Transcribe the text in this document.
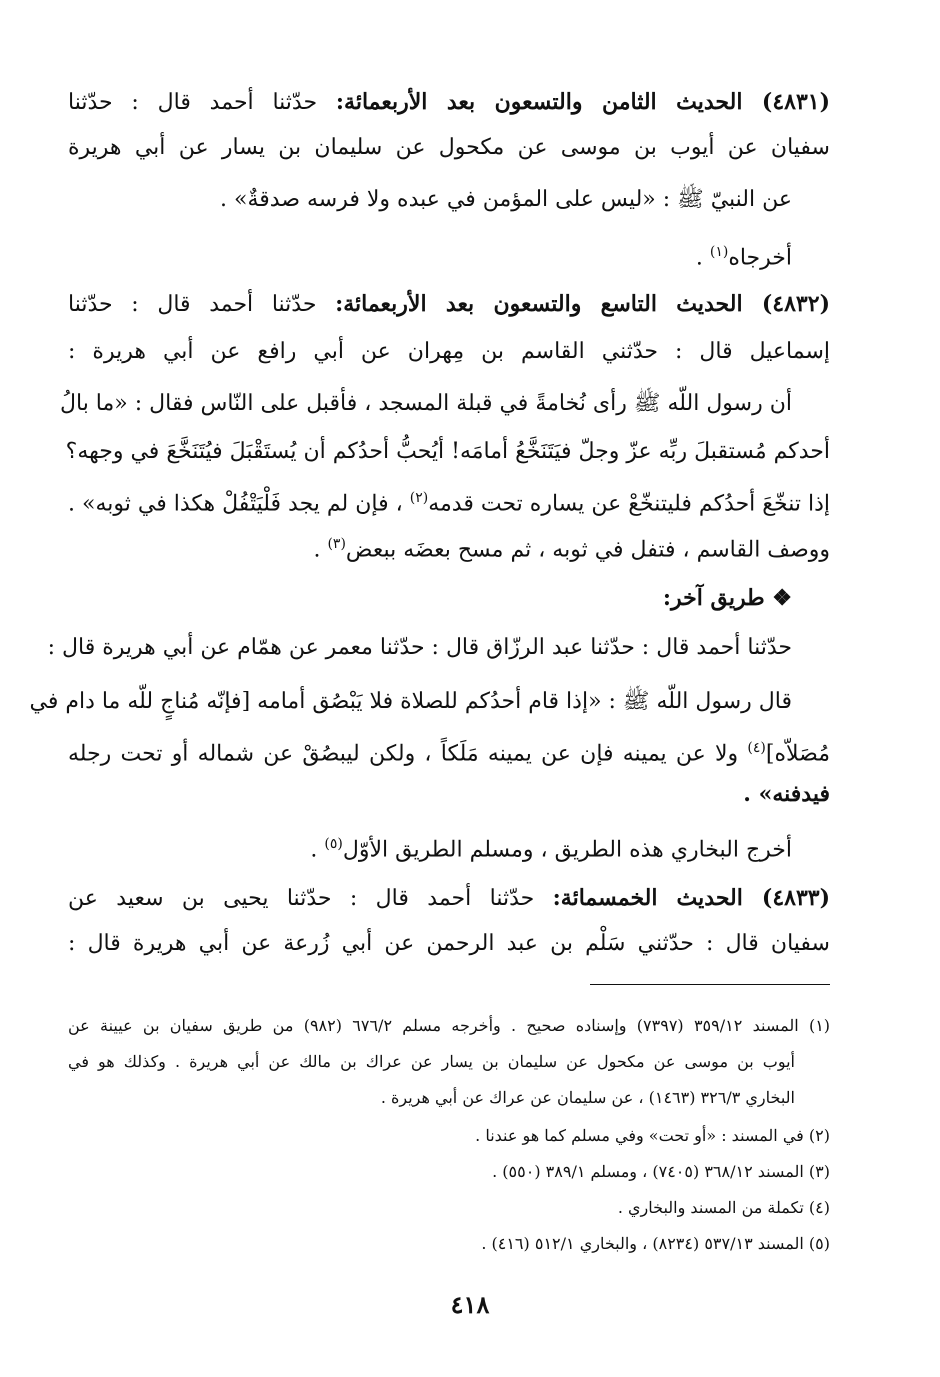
(٤٨٣١) الحديث الثامن والتسعون بعد الأربعمائة: حدّثنا أحمد قال : حدّثنا
سفيان عن أيوب بن موسى عن مكحول عن سليمان بن يسار عن أبي هريرة
عن النبيّ ﷺ : «ليس على المؤمن في عبده ولا فرسه صدقةٌ» .
أخرجاه$^{(١)}$ .
(٤٨٣٢) الحديث التاسع والتسعون بعد الأربعمائة: حدّثنا أحمد قال : حدّثنا
إسماعيل قال : حدّثني القاسم بن مِهران عن أبي رافع عن أبي هريرة :
أن رسول اللّه ﷺ رأى نُخامةً في قبلة المسجد ، فأقبل على النّاس فقال : «ما بالُ
أحدكم مُستقبلَ ربِّه عزّ وجلّ فيَتَنَخَّعُ أمامَه! أيُحبُّ أحدُكم أن يُستَقْبَلَ فيُتَنَخَّعَ في وجهه؟
إذا تنخّعَ أحدُكم فليتنخّعْ عن يساره تحت قدمه$^{(٢)}$ ، فإن لم يجد فَلْيَتْفُلْ هكذا في ثوبه» .
ووصف القاسم ، فتفل في ثوبه ، ثم مسح بعضَه ببعض$^{(٣)}$ .
❖ طريق آخر:
حدّثنا أحمد قال : حدّثنا عبد الرزّاق قال : حدّثنا معمر عن همّام عن أبي هريرة قال :
قال رسول اللّه ﷺ : «إذا قام أحدُكم للصلاة فلا يَبْصُق أمامه [فإنّه مُناجٍ للّه ما دام في
مُصَلاّه]$^{(٤)}$ ولا عن يمينه فإن عن يمينه مَلَكاً ، ولكن ليبصُقْ عن شماله أو تحت رجله
فيدفنه» .
أخرج البخاري هذه الطريق ، ومسلم الطريق الأوّل$^{(٥)}$ .
(٤٨٣٣) الحديث الخمسمائة: حدّثنا أحمد قال : حدّثنا يحيى بن سعيد عن
سفيان قال : حدّثني سَلْم بن عبد الرحمن عن أبي زُرعة عن أبي هريرة قال :
(١) المسند ٣٥٩/١٢ (٧٣٩٧) وإسناده صحيح . وأخرجه مسلم ٦٧٦/٢ (٩٨٢) من طريق سفيان بن عيينة عن
أيوب بن موسى عن مكحول عن سليمان بن يسار عن عراك بن مالك عن أبي هريرة . وكذلك هو في
البخاري ٣٢٦/٣ (١٤٦٣) ، عن سليمان عن عراك عن أبي هريرة .
(٢) في المسند : «أو تحت» وفي مسلم كما هو عندنا .
(٣) المسند ٣٦٨/١٢ (٧٤٠٥) ، ومسلم ٣٨٩/١ (٥٥٠) .
(٤) تكملة من المسند والبخاري .
(٥) المسند ٥٣٧/١٣ (٨٢٣٤) ، والبخاري ٥١٢/١ (٤١٦) .
٤١٨
